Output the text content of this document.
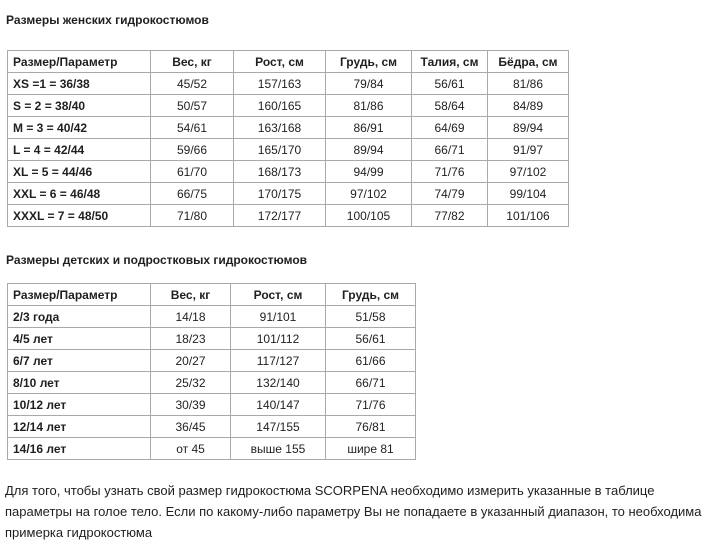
Размеры женских гидрокостюмов
Размер/Параметр	Вес, кг	Рост, см	Грудь, см	Талия, см	Бёдра, см
XS =1 = 36/38	45/52	157/163	79/84	56/61	81/86
S = 2 = 38/40	50/57	160/165	81/86	58/64	84/89
M = 3 = 40/42	54/61	163/168	86/91	64/69	89/94
L = 4 = 42/44	59/66	165/170	89/94	66/71	91/97
XL = 5 = 44/46	61/70	168/173	94/99	71/76	97/102
XXL = 6 = 46/48	66/75	170/175	97/102	74/79	99/104
XXXL = 7 = 48/50	71/80	172/177	100/105	77/82	101/106
Размеры детских и подростковых гидрокостюмов
Размер/Параметр	Вес, кг	Рост, см	Грудь, см
2/3 года	14/18	91/101	51/58
4/5 лет	18/23	101/112	56/61
6/7 лет	20/27	117/127	61/66
8/10 лет	25/32	132/140	66/71
10/12 лет	30/39	140/147	71/76
12/14 лет	36/45	147/155	76/81
14/16 лет	от 45	выше 155	шире 81

Для того, чтобы узнать свой размер гидрокостюма SCORPENA необходимо измерить указанные в таблице параметры на голое тело. Если по какому-либо параметру Вы не попадаете в указанный диапазон, то необходима примерка гидрокостюма
